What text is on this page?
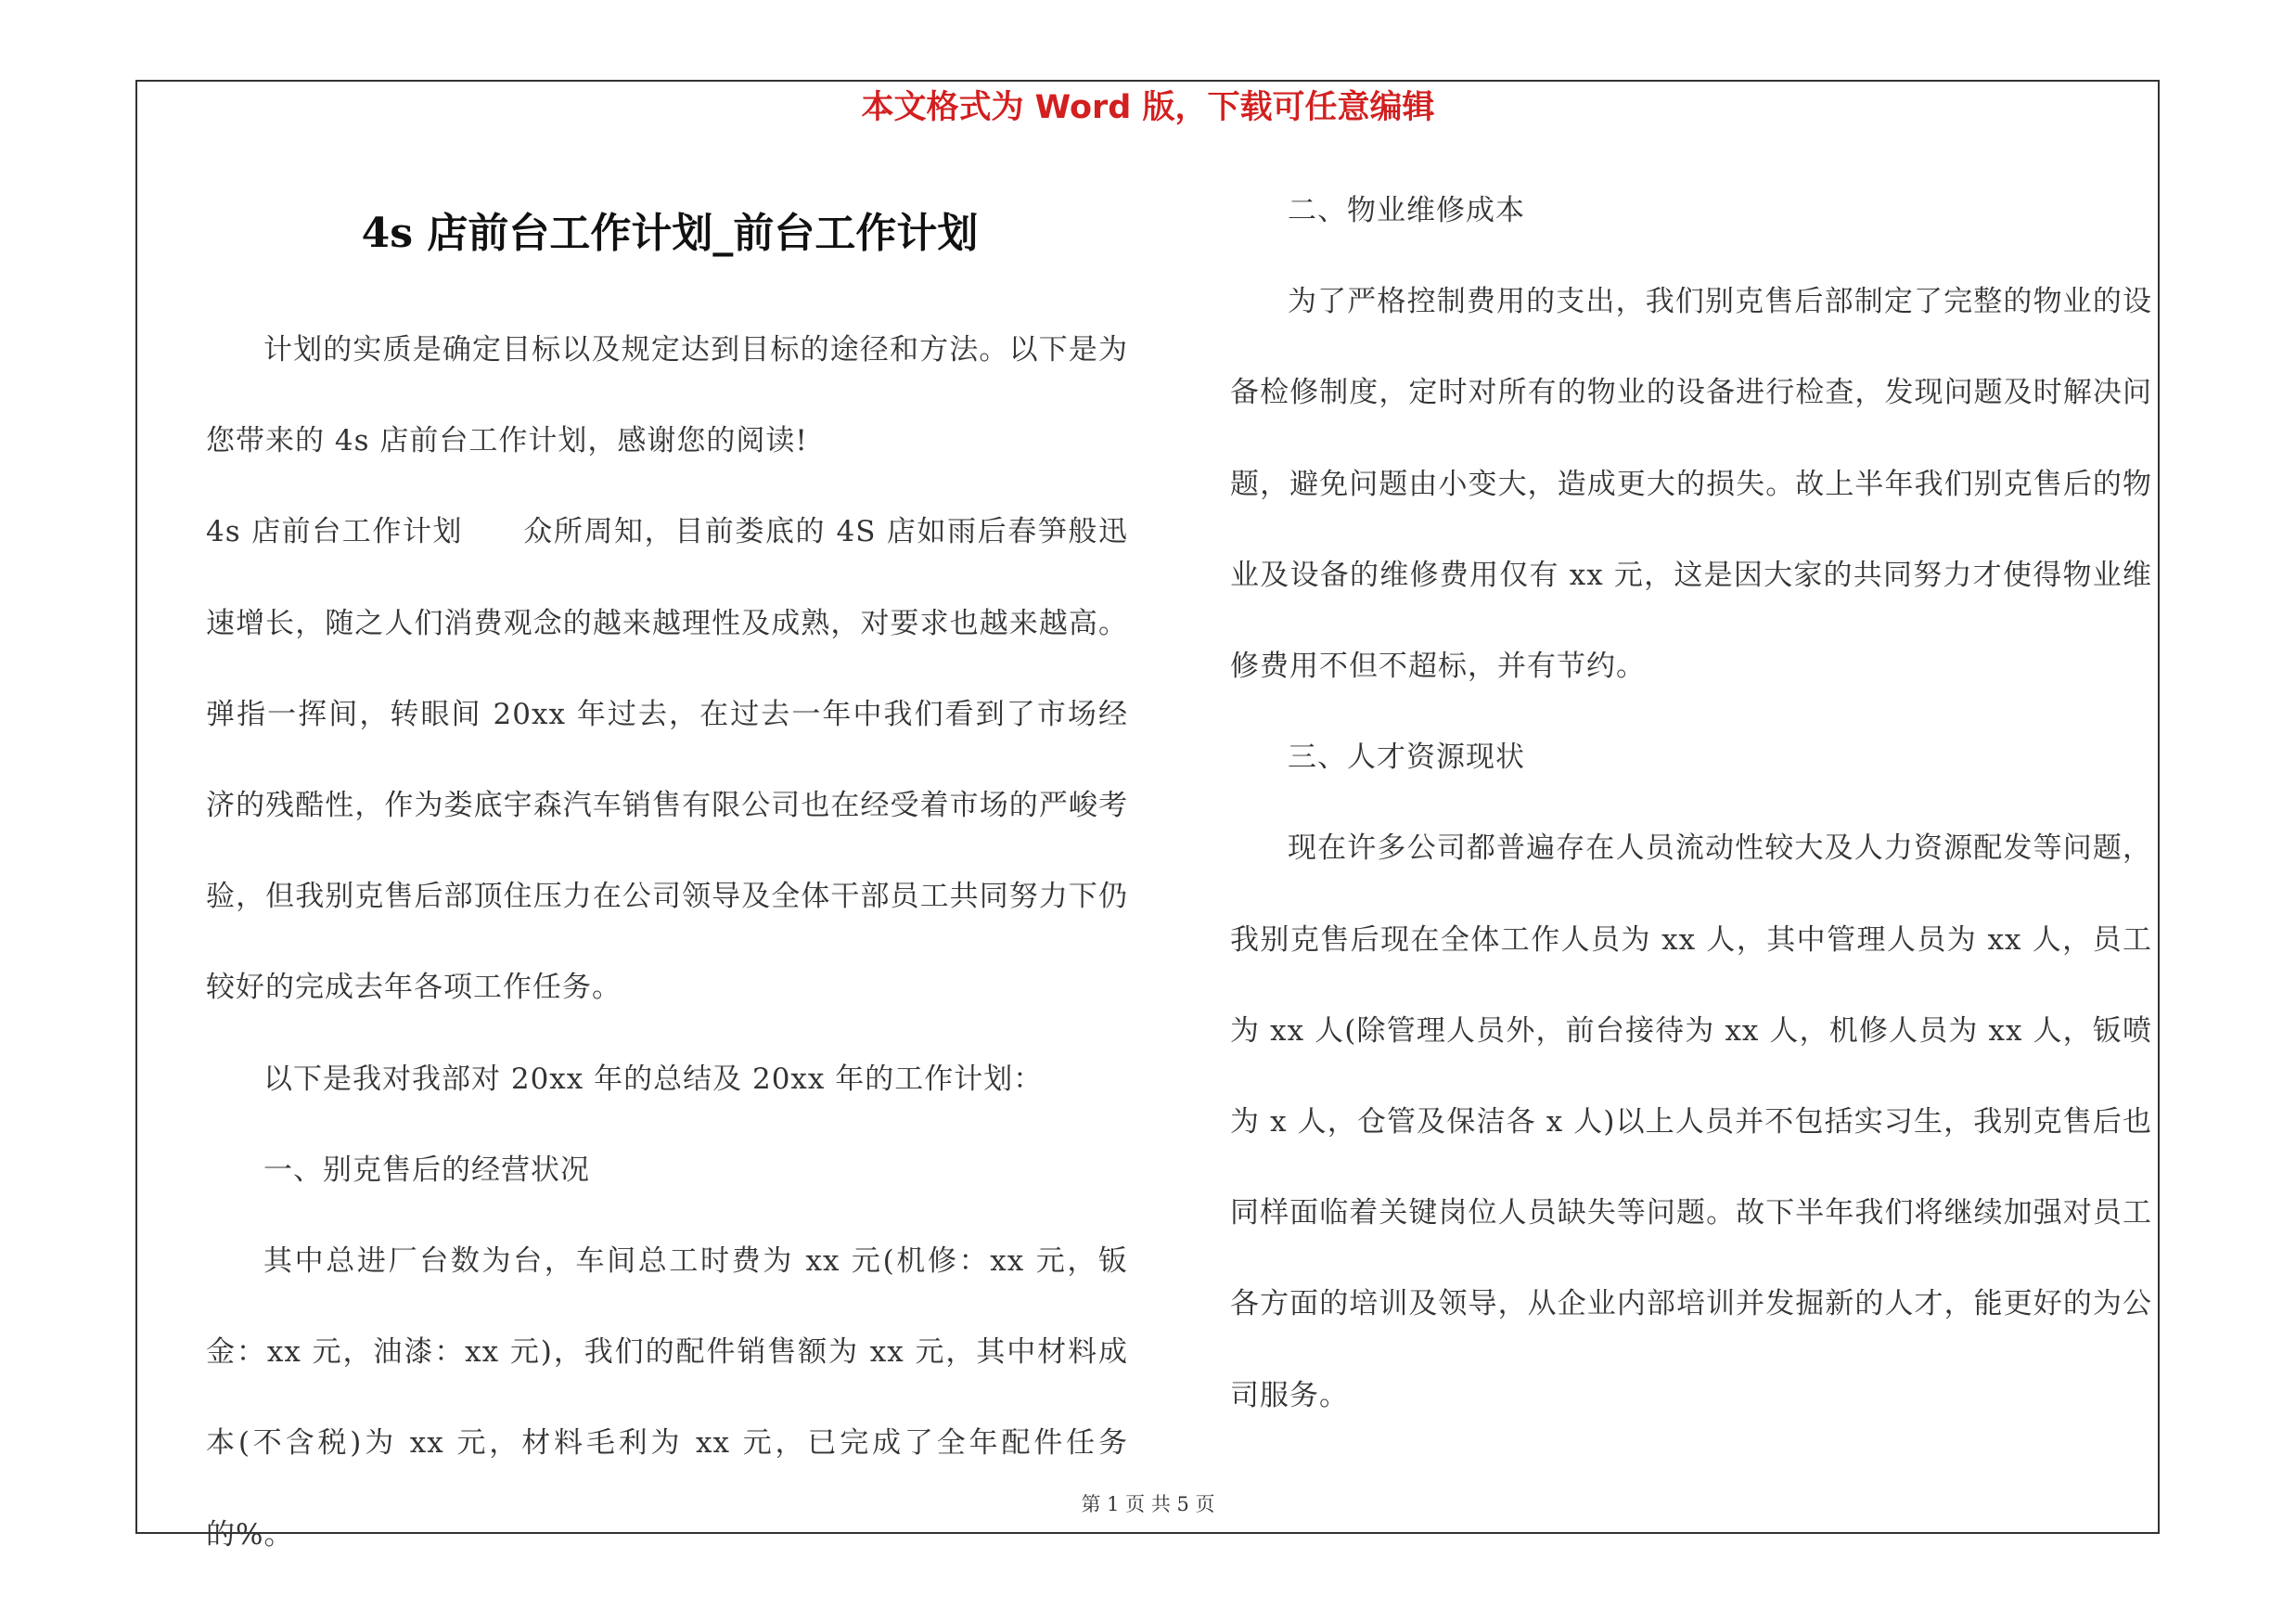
本文格式为 Word 版，下载可任意编辑
4s 店前台工作计划_前台工作计划

计划的实质是确定目标以及规定达到目标的途径和方法。以下是为您带来的 4s 店前台工作计划，感谢您的阅读!

4s 店前台工作计划　　众所周知，目前娄底的 4S 店如雨后春笋般迅速增长，随之人们消费观念的越来越理性及成熟，对要求也越来越高。弹指一挥间，转眼间 20xx 年过去，在过去一年中我们看到了市场经济的残酷性，作为娄底宇森汽车销售有限公司也在经受着市场的严峻考验，但我别克售后部顶住压力在公司领导及全体干部员工共同努力下仍较好的完成去年各项工作任务。

以下是我对我部对 20xx 年的总结及 20xx 年的工作计划：

一、别克售后的经营状况

其中总进厂台数为台，车间总工时费为 xx 元(机修：xx 元，钣金：xx 元，油漆：xx 元)，我们的配件销售额为 xx 元，其中材料成本(不含税)为 xx 元，材料毛利为 xx 元，已完成了全年配件任务的%。

二、物业维修成本

为了严格控制费用的支出，我们别克售后部制定了完整的物业的设备检修制度，定时对所有的物业的设备进行检查，发现问题及时解决问题，避免问题由小变大，造成更大的损失。故上半年我们别克售后的物业及设备的维修费用仅有 xx 元，这是因大家的共同努力才使得物业维修费用不但不超标，并有节约。

三、人才资源现状

现在许多公司都普遍存在人员流动性较大及人力资源配发等问题，我别克售后现在全体工作人员为 xx 人，其中管理人员为 xx 人，员工为 xx 人(除管理人员外，前台接待为 xx 人，机修人员为 xx 人，钣喷为 x 人，仓管及保洁各 x 人)以上人员并不包括实习生，我别克售后也同样面临着关键岗位人员缺失等问题。故下半年我们将继续加强对员工各方面的培训及领导，从企业内部培训并发掘新的人才，能更好的为公司服务。

第 1 页 共 5 页
